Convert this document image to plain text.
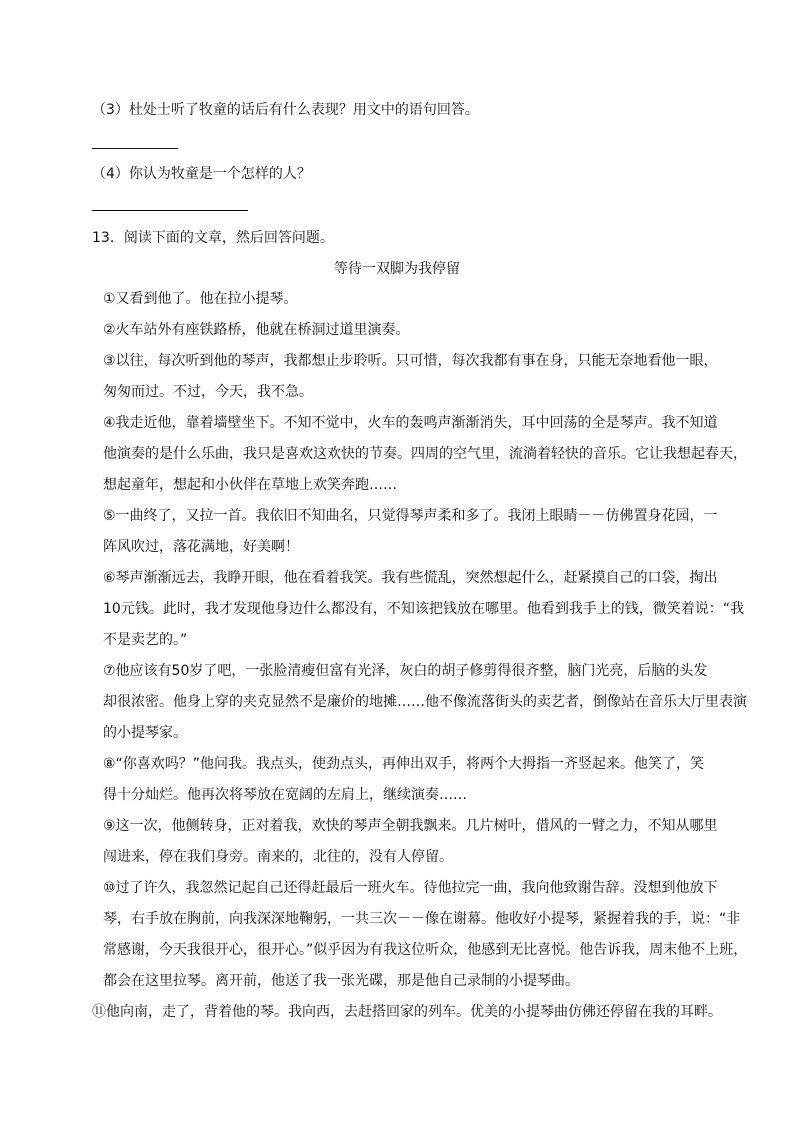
（3）杜处士听了牧童的话后有什么表现？用文中的语句回答。
（4）你认为牧童是一个怎样的人？
13．阅读下面的文章，然后回答问题。
等待一双脚为我停留
①又看到他了。他在拉小提琴。
②火车站外有座铁路桥，他就在桥洞过道里演奏。
③以往，每次听到他的琴声，我都想止步聆听。只可惜，每次我都有事在身，只能无奈地看他一眼，
匆匆而过。不过，今天，我不急。
④我走近他，靠着墙壁坐下。不知不觉中，火车的轰鸣声渐渐消失，耳中回荡的全是琴声。我不知道
他演奏的是什么乐曲，我只是喜欢这欢快的节奏。四周的空气里，流淌着轻快的音乐。它让我想起春天，
想起童年，想起和小伙伴在草地上欢笑奔跑……
⑤一曲终了，又拉一首。我依旧不知曲名，只觉得琴声柔和多了。我闭上眼睛－－仿佛置身花园，一
阵风吹过，落花满地，好美啊！
⑥琴声渐渐远去，我睁开眼，他在看着我笑。我有些慌乱，突然想起什么，赶紧摸自己的口袋，掏出
10元钱。此时，我才发现他身边什么都没有，不知该把钱放在哪里。他看到我手上的钱，微笑着说：“我
不是卖艺的。”
⑦他应该有50岁了吧，一张脸清瘦但富有光泽，灰白的胡子修剪得很齐整，脑门光亮，后脑的头发
却很浓密。他身上穿的夹克显然不是廉价的地摊……他不像流落街头的卖艺者，倒像站在音乐大厅里表演
的小提琴家。
⑧“你喜欢吗？”他问我。我点头，使劲点头，再伸出双手，将两个大拇指一齐竖起来。他笑了，笑
得十分灿烂。他再次将琴放在宽阔的左肩上，继续演奏……
⑨这一次，他侧转身，正对着我，欢快的琴声全朝我飘来。几片树叶，借风的一臂之力，不知从哪里
闯进来，停在我们身旁。南来的，北往的，没有人停留。
⑩过了许久，我忽然记起自己还得赶最后一班火车。待他拉完一曲，我向他致谢告辞。没想到他放下
琴，右手放在胸前，向我深深地鞠躬，一共三次－－像在谢幕。他收好小提琴，紧握着我的手，说：“非
常感谢，今天我很开心，很开心。”似乎因为有我这位听众，他感到无比喜悦。他告诉我，周末他不上班，
都会在这里拉琴。离开前，他送了我一张光碟，那是他自己录制的小提琴曲。
⑪他向南，走了，背着他的琴。我向西，去赶搭回家的列车。优美的小提琴曲仿佛还停留在我的耳畔。
